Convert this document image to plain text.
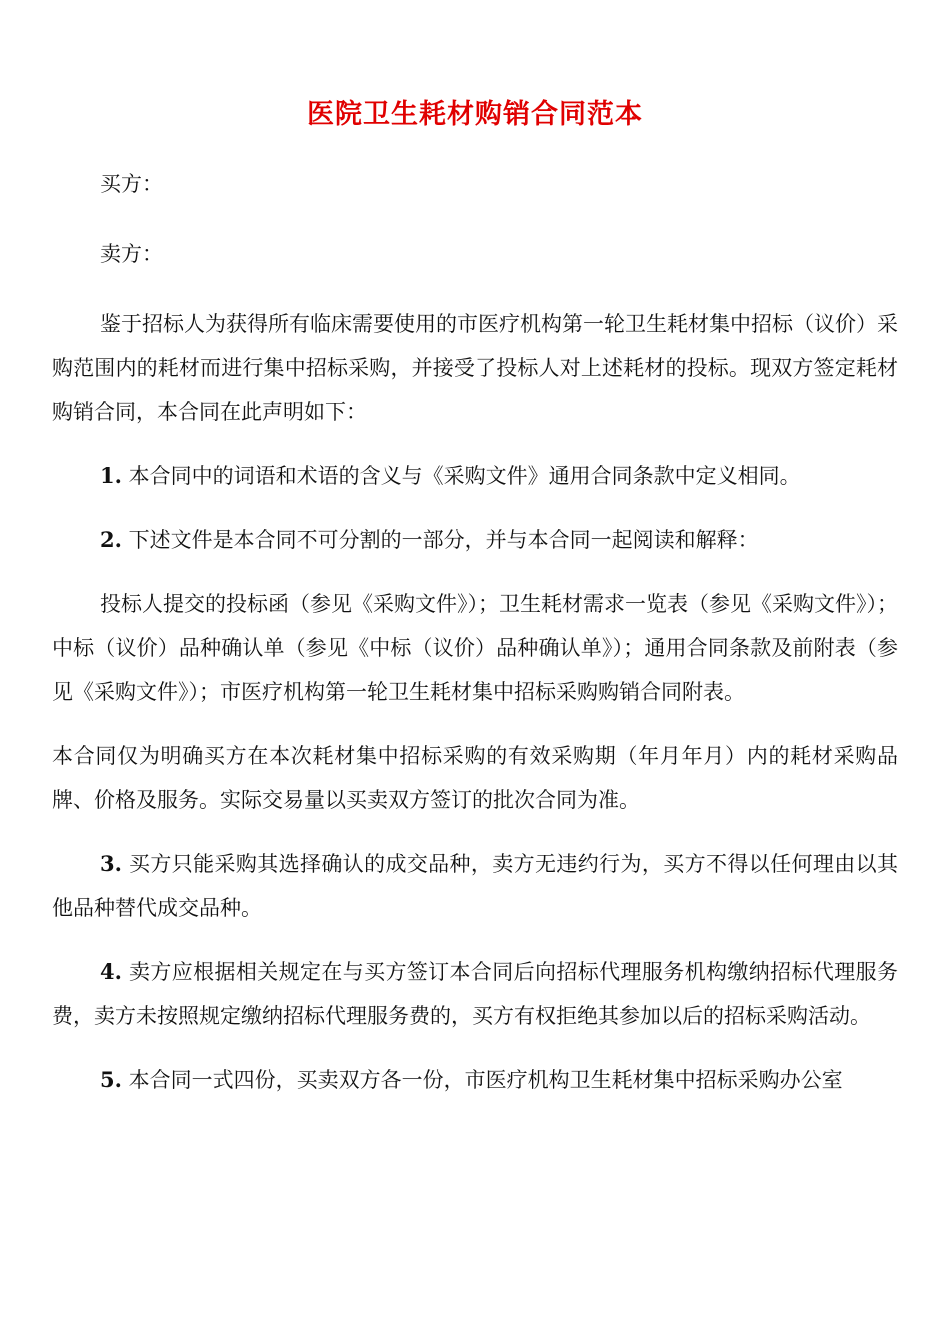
医院卫生耗材购销合同范本

买方：

卖方：

鉴于招标人为获得所有临床需要使用的市医疗机构第一轮卫生耗材集中招标（议价）采购范围内的耗材而进行集中招标采购，并接受了投标人对上述耗材的投标。现双方签定耗材购销合同，本合同在此声明如下：

1. 本合同中的词语和术语的含义与《采购文件》通用合同条款中定义相同。

2. 下述文件是本合同不可分割的一部分，并与本合同一起阅读和解释：

投标人提交的投标函（参见《采购文件》）；卫生耗材需求一览表（参见《采购文件》）；中标（议价）品种确认单（参见《中标（议价）品种确认单》）；通用合同条款及前附表（参见《采购文件》）；市医疗机构第一轮卫生耗材集中招标采购购销合同附表。

本合同仅为明确买方在本次耗材集中招标采购的有效采购期（年月年月）内的耗材采购品牌、价格及服务。实际交易量以买卖双方签订的批次合同为准。

3. 买方只能采购其选择确认的成交品种，卖方无违约行为，买方不得以任何理由以其他品种替代成交品种。

4. 卖方应根据相关规定在与买方签订本合同后向招标代理服务机构缴纳招标代理服务费，卖方未按照规定缴纳招标代理服务费的，买方有权拒绝其参加以后的招标采购活动。

5. 本合同一式四份，买卖双方各一份，市医疗机构卫生耗材集中招标采购办公室
